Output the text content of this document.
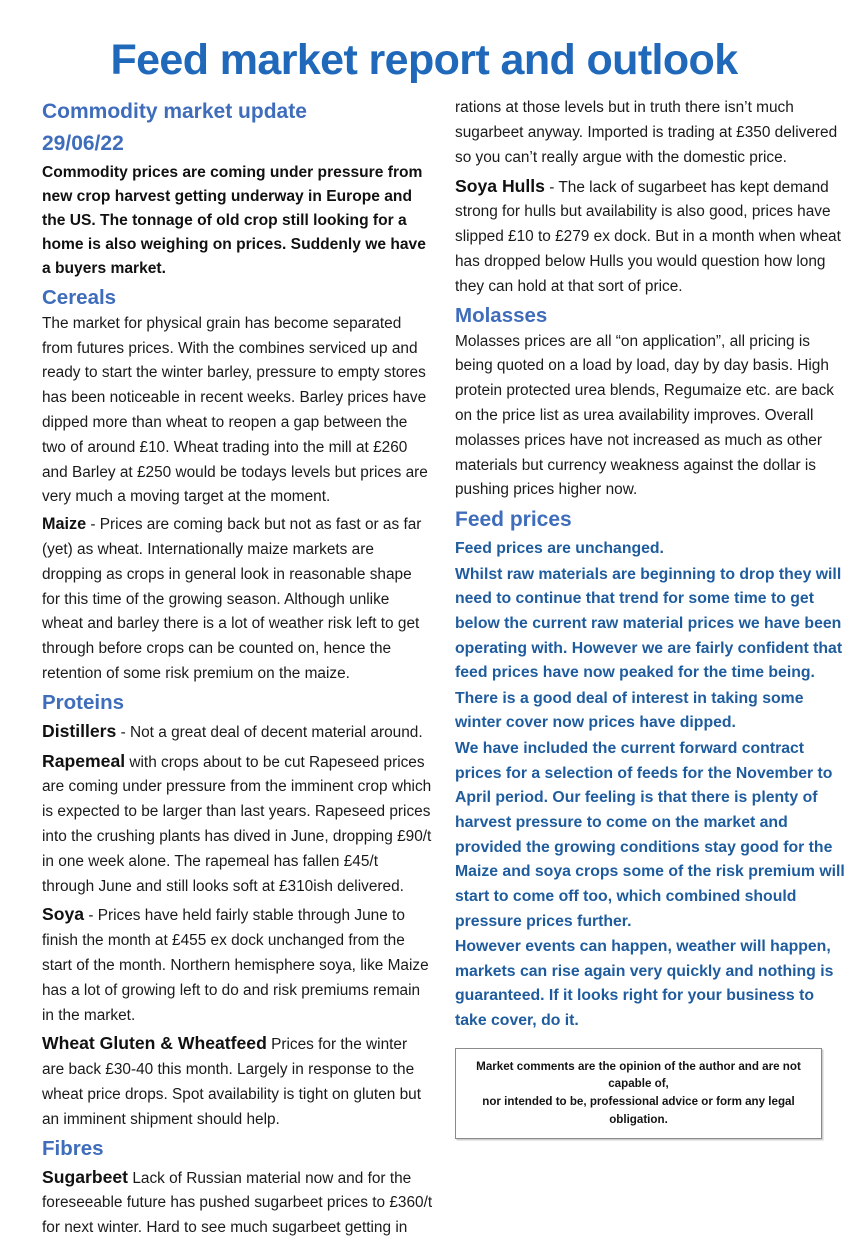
Feed market report and outlook
Commodity market update
29/06/22

Commodity prices are coming under pressure from new crop harvest getting underway in Europe and the US. The tonnage of old crop still looking for a home is also weighing on prices. Suddenly we have a buyers market.

Cereals

The market for physical grain has become separated from futures prices. With the combines serviced up and ready to start the winter barley, pressure to empty stores has been noticeable in recent weeks. Barley prices have dipped more than wheat to reopen a gap between the two of around £10. Wheat trading into the mill at £260 and Barley at £250 would be todays levels but prices are very much a moving target at the moment.

Maize - Prices are coming back but not as fast or as far (yet) as wheat. Internationally maize markets are dropping as crops in general look in reasonable shape for this time of the growing season. Although unlike wheat and barley there is a lot of weather risk left to get through before crops can be counted on, hence the retention of some risk premium on the maize.

Proteins

Distillers - Not a great deal of decent material around.

Rapemeal with crops about to be cut Rapeseed prices are coming under pressure from the imminent crop which is expected to be larger than last years. Rapeseed prices into the crushing plants has dived in June, dropping £90/t in one week alone. The rapemeal has fallen £45/t through June and still looks soft at £310ish delivered.

Soya - Prices have held fairly stable through June to finish the month at £455 ex dock unchanged from the start of the month. Northern hemisphere soya, like Maize has a lot of growing left to do and risk premiums remain in the market.

Wheat Gluten & Wheatfeed Prices for the winter are back £30-40 this month. Largely in response to the wheat price drops. Spot availability is tight on gluten but an imminent shipment should help.

Fibres

Sugarbeet Lack of Russian material now and for the foreseeable future has pushed sugarbeet prices to £360/t for next winter. Hard to see much sugarbeet getting in

rations at those levels but in truth there isn’t much sugarbeet anyway. Imported is trading at £350 delivered so you can’t really argue with the domestic price.

Soya Hulls - The lack of sugarbeet has kept demand strong for hulls but availability is also good, prices have slipped £10 to £279 ex dock. But in a month when wheat has dropped below Hulls you would question how long they can hold at that sort of price.

Molasses

Molasses prices are all “on application”, all pricing is being quoted on a load by load, day by day basis. High protein protected urea blends, Regumaize etc. are back on the price list as urea availability improves. Overall molasses prices have not increased as much as other materials but currency weakness against the dollar is pushing prices higher now.

Feed prices

Feed prices are unchanged.

Whilst raw materials are beginning to drop they will need to continue that trend for some time to get below the current raw material prices we have been operating with. However we are fairly confident that feed prices have now peaked for the time being.

There is a good deal of interest in taking some winter cover now prices have dipped.

We have included the current forward contract prices for a selection of feeds for the November to April period. Our feeling is that there is plenty of harvest pressure to come on the market and provided the growing conditions stay good for the Maize and soya crops some of the risk premium will start to come off too, which combined should pressure prices further.

However events can happen, weather will happen, markets can rise again very quickly and nothing is guaranteed. If it looks right for your business to take cover, do it.

Market comments are the opinion of the author and are not capable of,
nor intended to be, professional advice or form any legal obligation.
